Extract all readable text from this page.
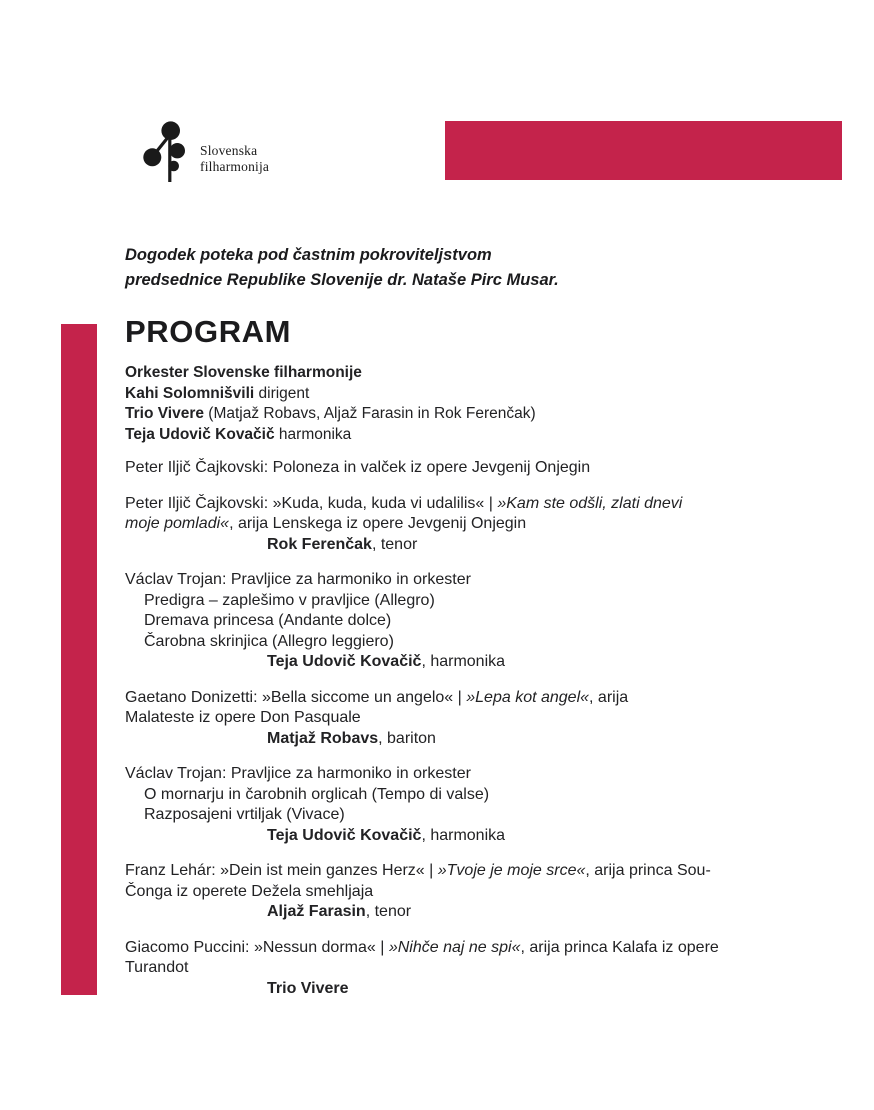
Slovenska
filharmonija
Dogodek poteka pod častnim pokroviteljstvom
predsednice Republike Slovenije dr. Nataše Pirc Musar.
PROGRAM
Orkester Slovenske filharmonije
Kahi Solomnišvili dirigent
Trio Vivere (Matjaž Robavs, Aljaž Farasin in Rok Ferenčak)
Teja Udovič Kovačič harmonika
Peter Iljič Čajkovski: Poloneza in valček iz opere Jevgenij Onjegin
Peter Iljič Čajkovski: »Kuda, kuda, kuda vi udalilis« | »Kam ste odšli, zlati dnevi
moje pomladi«, arija Lenskega iz opere Jevgenij Onjegin
Rok Ferenčak, tenor
Václav Trojan: Pravljice za harmoniko in orkester
Predigra – zaplešimo v pravljice (Allegro)
Dremava princesa (Andante dolce)
Čarobna skrinjica (Allegro leggiero)
Teja Udovič Kovačič, harmonika
Gaetano Donizetti: »Bella siccome un angelo« | »Lepa kot angel«, arija
Malateste iz opere Don Pasquale
Matjaž Robavs, bariton
Václav Trojan: Pravljice za harmoniko in orkester
O mornarju in čarobnih orglicah (Tempo di valse)
Razposajeni vrtiljak (Vivace)
Teja Udovič Kovačič, harmonika
Franz Lehár: »Dein ist mein ganzes Herz« | »Tvoje je moje srce«, arija princa Sou-
Čonga iz operete Dežela smehljaja
Aljaž Farasin, tenor
Giacomo Puccini: »Nessun dorma« | »Nihče naj ne spi«, arija princa Kalafa iz opere
Turandot
Trio Vivere
